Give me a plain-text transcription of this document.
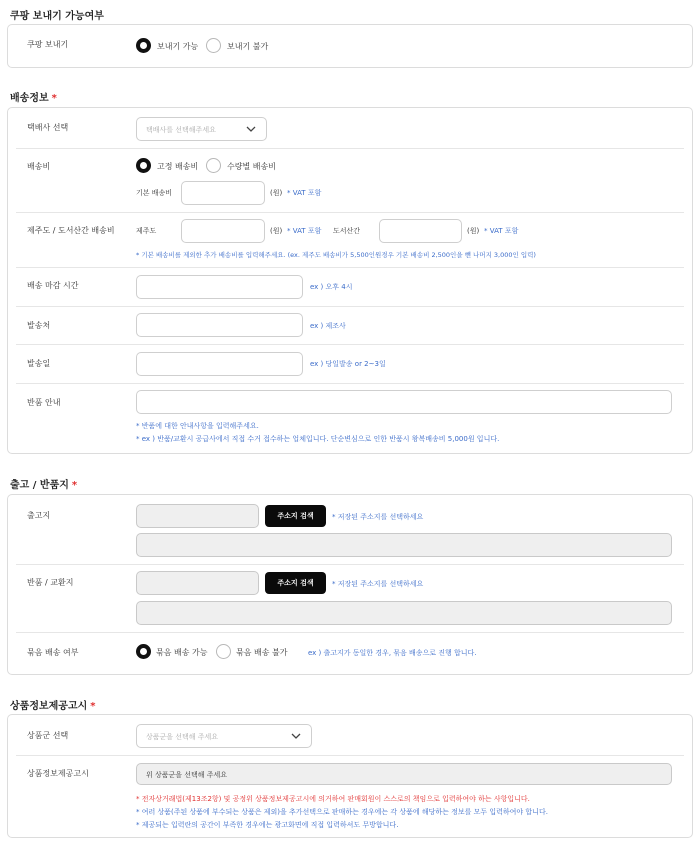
쿠팡 보내기 가능여부
쿠팡 보내기	보내기 가능	보내기 불가
배송정보 *
택배사 선택	택배사를 선택해주세요
배송비	고정 배송비	수량별 배송비
기본 배송비	(원) * VAT 포함
제주도 / 도서산간 배송비	제주도	(원) * VAT 포함 도서산간	(원) * VAT 포함
* 기본 배송비를 제외한 추가 배송비를 입력해주세요. (ex. 제주도 배송비가 5,500인원경우 기본 배송비 2,500인을 뺀 나머지 3,000인 입력)
배송 마감 시간	ex ) 오후 4시
발송처	ex ) 제조사
발송일	ex ) 당일발송 or 2~3일
반품 안내
* 반품에 대한 안내사항을 입력해주세요.
* ex ) 반품/교환시 공급사에서 직접 수거 접수하는 업체입니다. 단순변심으로 인한 반품시 왕복배송비 5,000원 입니다.
출고 / 반품지 *
출고지	주소지 검색	* 저장된 주소지를 선택하세요
반품 / 교환지	주소지 검색	* 저장된 주소지를 선택하세요
묶음 배송 여부	묶음 배송 가능	묶음 배송 불가	ex ) 출고지가 동일한 경우, 묶음 배송으로 진행 합니다.
상품정보제공고시 *
상품군 선택	상품군을 선택해 주세요
상품정보제공고시	위 상품군을 선택해 주세요
* 전자상거래법(제13조2항) 및 공정위 상품정보제공고시에 의거하여 판매회원이 스스로의 책임으로 입력하여야 하는 사항입니다.
* 여러 상품(주된 상품에 부수되는 상품은 제외)을 추가선택으로 판매하는 경우에는 각 상품에 해당하는 정보를 모두 입력하여야 합니다.
* 제공되는 입력란의 공간이 부족한 경우에는 광고화면에 직접 입력하셔도 무방합니다.
